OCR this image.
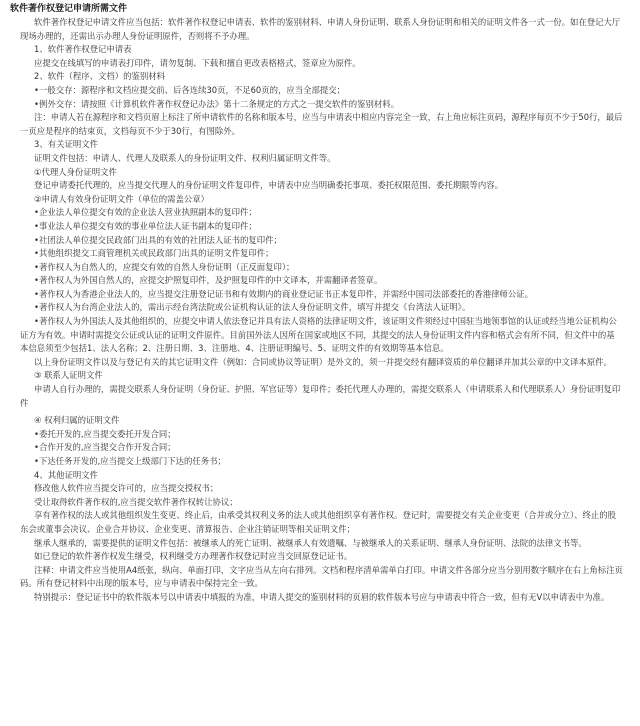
软件著作权登记申请所需文件

软件著作权登记申请文件应当包括：软件著作权登记申请表、软件的鉴别材料、申请人身份证明、联系人身份证明和相关的证明文件各一式一份。如在登记大厅

现场办理的，还需出示办理人身份证明原件，否则将不予办理。

1、软件著作权登记申请表

应提交在线填写的申请表打印件，请勿复制、下载和擅自更改表格格式，签章应为原件。

2、软件（程序、文档）的鉴别材料

•一般交存：源程序和文档应提交前、后各连续30页，不足60页的，应当全部提交；

•例外交存：请按照《计算机软件著作权登记办法》第十二条规定的方式之一提交软件的鉴别材料。

注：申请人若在源程序和文档页眉上标注了所申请软件的名称和版本号，应当与申请表中相应内容完全一致，右上角应标注页码，源程序每页不少于50行，最后

一页应是程序的结束页，文档每页不少于30行，有图除外。

3、有关证明文件

证明文件包括：申请人、代理人及联系人的身份证明文件、权利归属证明文件等。

①代理人身份证明文件

登记申请委托代理的，应当提交代理人的身份证明文件复印件，申请表中应当明确委托事项、委托权限范围、委托期限等内容。

②申请人有效身份证明文件（单位的需盖公章）

•企业法人单位提交有效的企业法人营业执照副本的复印件；

•事业法人单位提交有效的事业单位法人证书副本的复印件；

•社团法人单位提交民政部门出具的有效的社团法人证书的复印件；

•其他组织提交工商管理机关或民政部门出具的证明文件复印件；

•著作权人为自然人的，应提交有效的自然人身份证明（正反面复印）；

•著作权人为外国自然人的，应提交护照复印件，及护照复印件的中文译本，并需翻译者签章。

•著作权人为香港企业法人的，应当提交注册登记证书和有效期内的商业登记证书正本复印件，并需经中国司法部委托的香港律师公证。

•著作权人为台湾企业法人的，需出示经台湾法院或公证机构认证的法人身份证明文件，填写并提交《台湾法人证明》。

•著作权人为外国法人及其他组织的，应提交申请人依法登记并具有法人资格的法律证明文件，该证明文件须经过中国驻当地领事馆的认证或经当地公证机构公

证方为有效。申请时需提交公证或认证的证明文件原件。目前国外法人因所在国家或地区不同，其提交的法人身份证明文件内容和格式会有所不同，但文件中的基

本信息须至少包括1、法人名称；2、注册日期、3、注册地、4、注册证明编号、5、证明文件的有效期等基本信息。

以上身份证明文件以及与登记有关的其它证明文件（例如：合同或协议等证明）是外文的，须一并提交经有翻译资质的单位翻译并加其公章的中文译本原件。

③ 联系人证明文件

申请人自行办理的，需提交联系人身份证明（身份证、护照、军官证等）复印件；委托代理人办理的，需提交联系人（申请联系人和代理联系人）身份证明复印

件

④ 权利归属的证明文件

•委托开发的,应当提交委托开发合同；

•合作开发的,应当提交合作开发合同；

•下达任务开发的,应当提交上级部门下达的任务书；

4、其他证明文件

修改他人软件应当提交许可的，应当提交授权书；

受让取得软件著作权的,应当提交软件著作权转让协议；

享有著作权的法人或其他组织发生变更、终止后，由承受其权利义务的法人或其他组织享有著作权。登记时，需要提交有关企业变更（合并或分立）、终止的股

东会或董事会决议、企业合并协议、企业变更、清算报告、企业注销证明等相关证明文件；

继承人继承的，需要提供的证明文件包括：被继承人的死亡证明、被继承人有效遗嘱、与被继承人的关系证明、继承人身份证明、法院的法律文书等。

如已登记的软件著作权发生继受，权利继受方办理著作权登记时应当交回原登记证书。

注释：申请文件应当使用A4纸张，纵向、单面打印，文字应当从左向右排列。文档和程序清单需单白打印。申请文件各部分应当分别用数字顺序在右上角标注页

码。所有登记材料中出现的版本号，应与申请表中保持完全一致。

特别提示：登记证书中的软件版本号以申请表中填报的为准，申请人提交的鉴别材料的页眉的软件版本号应与申请表中符合一致，但有无V以申请表中为准。
